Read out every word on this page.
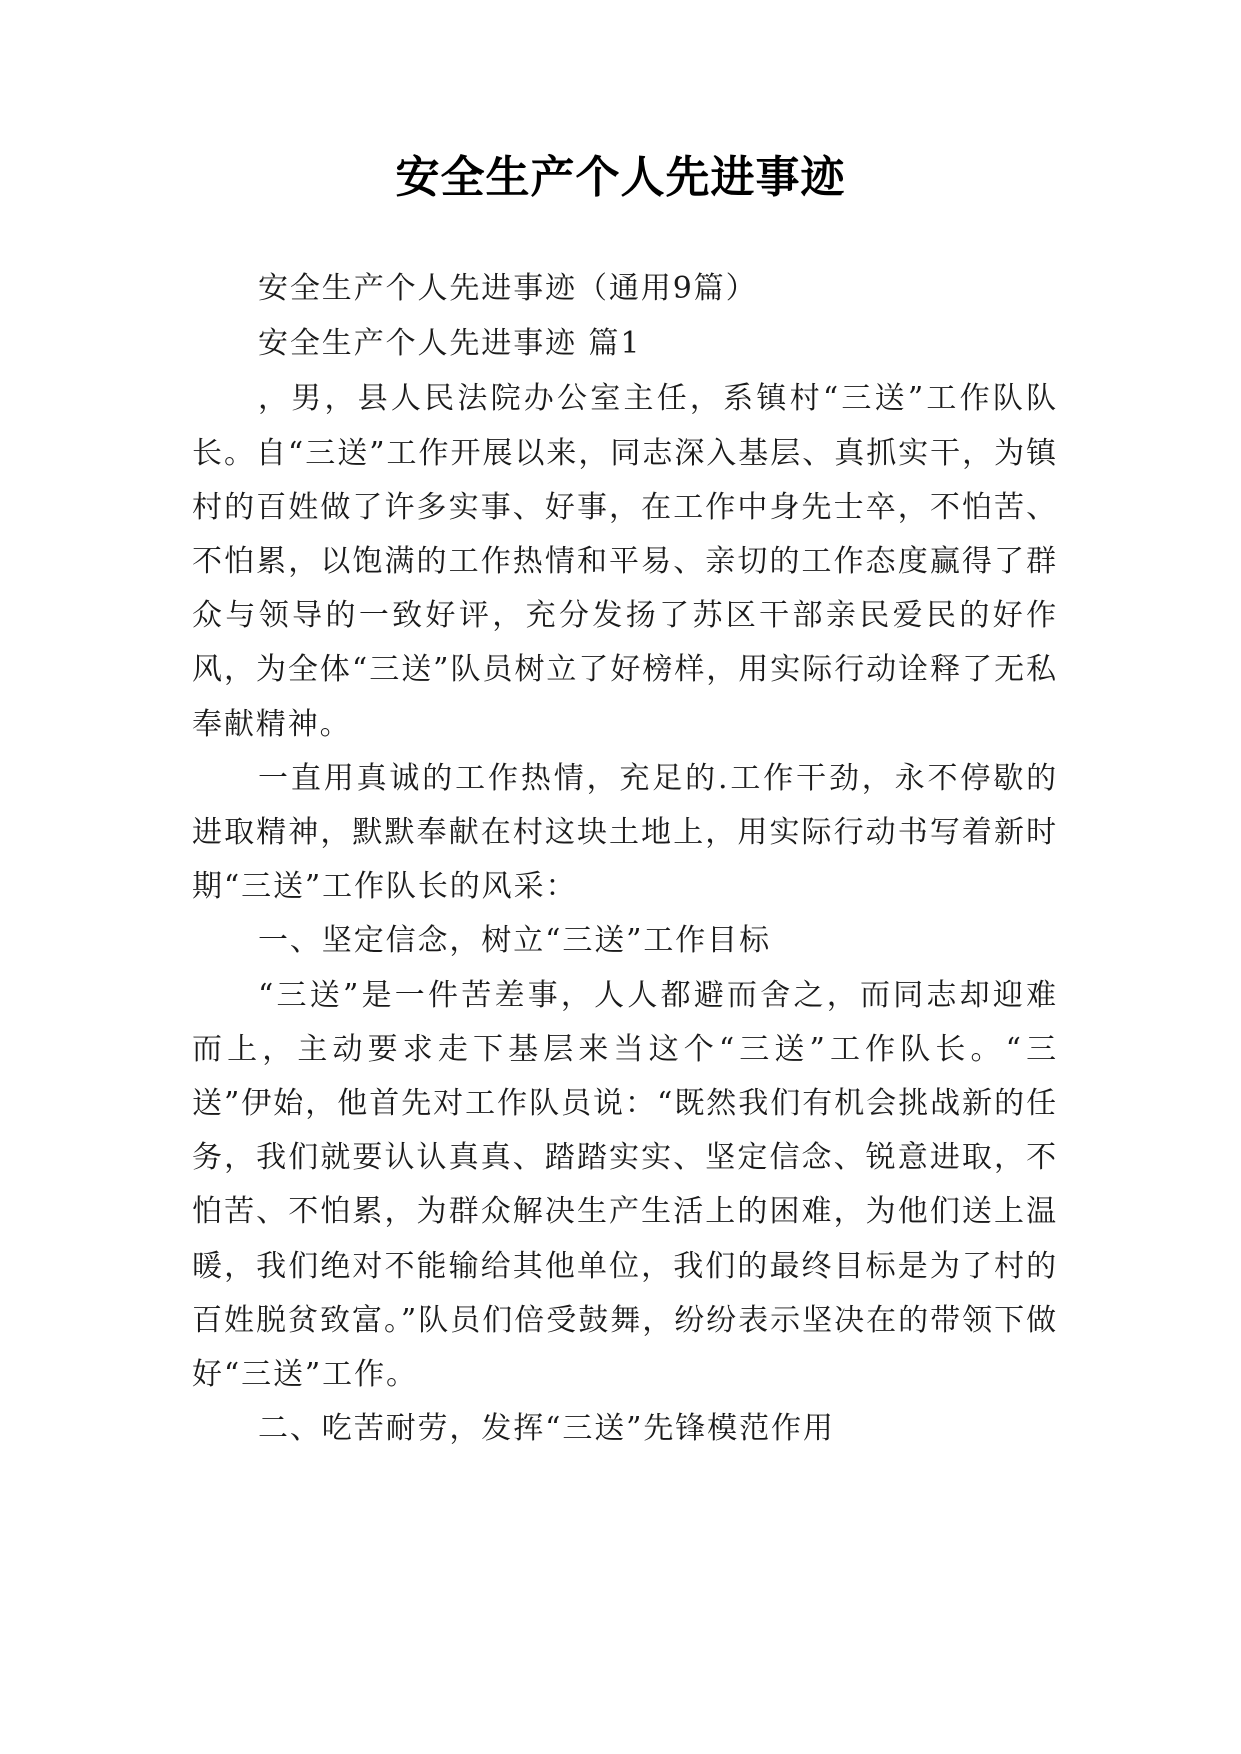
安全生产个人先进事迹

安全生产个人先进事迹（通用9篇）

安全生产个人先进事迹 篇1

，男，县人民法院办公室主任，系镇村“三送”工作队队长。自“三送”工作开展以来，同志深入基层、真抓实干，为镇村的百姓做了许多实事、好事，在工作中身先士卒，不怕苦、不怕累，以饱满的工作热情和平易、亲切的工作态度赢得了群众与领导的一致好评，充分发扬了苏区干部亲民爱民的好作风，为全体“三送”队员树立了好榜样，用实际行动诠释了无私奉献精神。

一直用真诚的工作热情，充足的.工作干劲，永不停歇的进取精神，默默奉献在村这块土地上，用实际行动书写着新时期“三送”工作队长的风采：

一、坚定信念，树立“三送”工作目标

“三送”是一件苦差事，人人都避而舍之，而同志却迎难而上，主动要求走下基层来当这个“三送”工作队长。“三送”伊始，他首先对工作队员说：“既然我们有机会挑战新的任务，我们就要认认真真、踏踏实实、坚定信念、锐意进取，不怕苦、不怕累，为群众解决生产生活上的困难，为他们送上温暖，我们绝对不能输给其他单位，我们的最终目标是为了村的百姓脱贫致富。”队员们倍受鼓舞，纷纷表示坚决在的带领下做好“三送”工作。

二、吃苦耐劳，发挥“三送”先锋模范作用
